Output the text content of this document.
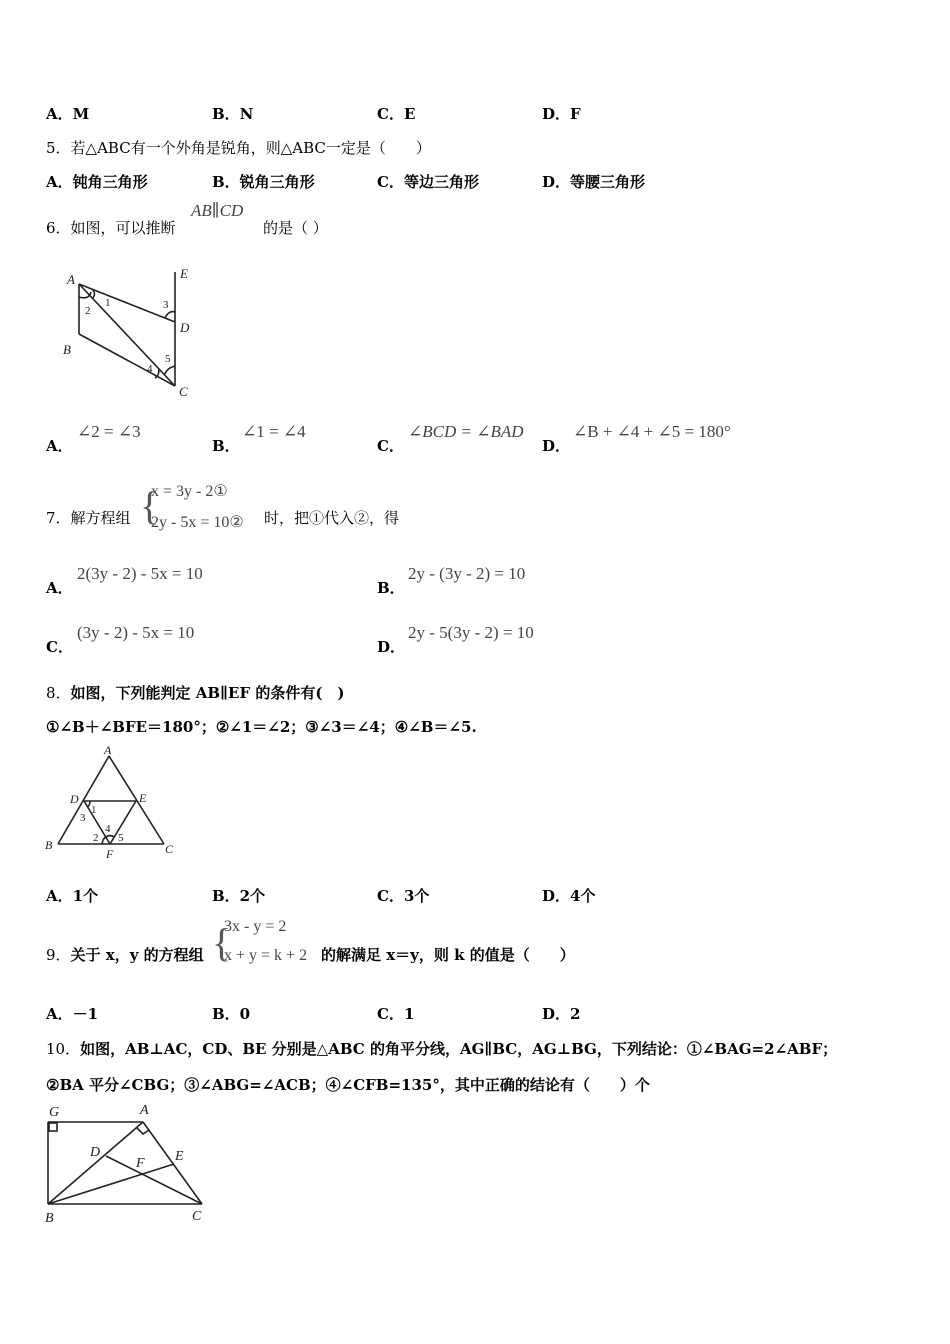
A．M	B．N	C．E	D．F
5．若△ABC有一个外角是锐角，则△ABC一定是（　　）
A．钝角三角形	B．锐角三角形	C．等边三角形	D．等腰三角形
6．如图，可以推断
AB∥CD
的是（ ）
A	E
1
2	3
D
B
5
4
C
A．
∠2 = ∠3
B．
∠1 = ∠4
C．
∠BCD = ∠BAD
D．
∠B + ∠4 + ∠5 = 180°
7．解方程组 {
x = 3y - 2①
2y - 5x = 10② 时，把①代入②，得
A．
2(3y - 2) - 5x = 10
B．
2y - (3y - 2) = 10
C．
(3y - 2) - 5x = 10
D．
2y - 5(3y - 2) = 10
8．如图，下列能判定 AB∥EF 的条件有(　)
①∠B＋∠BFE＝180°；②∠1＝∠2；③∠3＝∠4；④∠B＝∠5.
A
D	E
1
3
4
2 5
B
F	C
A．1个	B．2个	C．3个	D．4个
9．关于 x，y 的方程组 {
3x - y = 2
x + y = k + 2 的解满足 x＝y，则 k 的值是（　　）
A．－1	B．0	C．1	D．2
10．如图，AB⊥AC，CD、BE 分别是△ABC 的角平分线，AG∥BC，AG⊥BG，下列结论：①∠BAG=2∠ABF；
②BA 平分∠CBG；③∠ABG=∠ACB；④∠CFB=135°，其中正确的结论有（　　）个
G	A
D
F E
B	C
